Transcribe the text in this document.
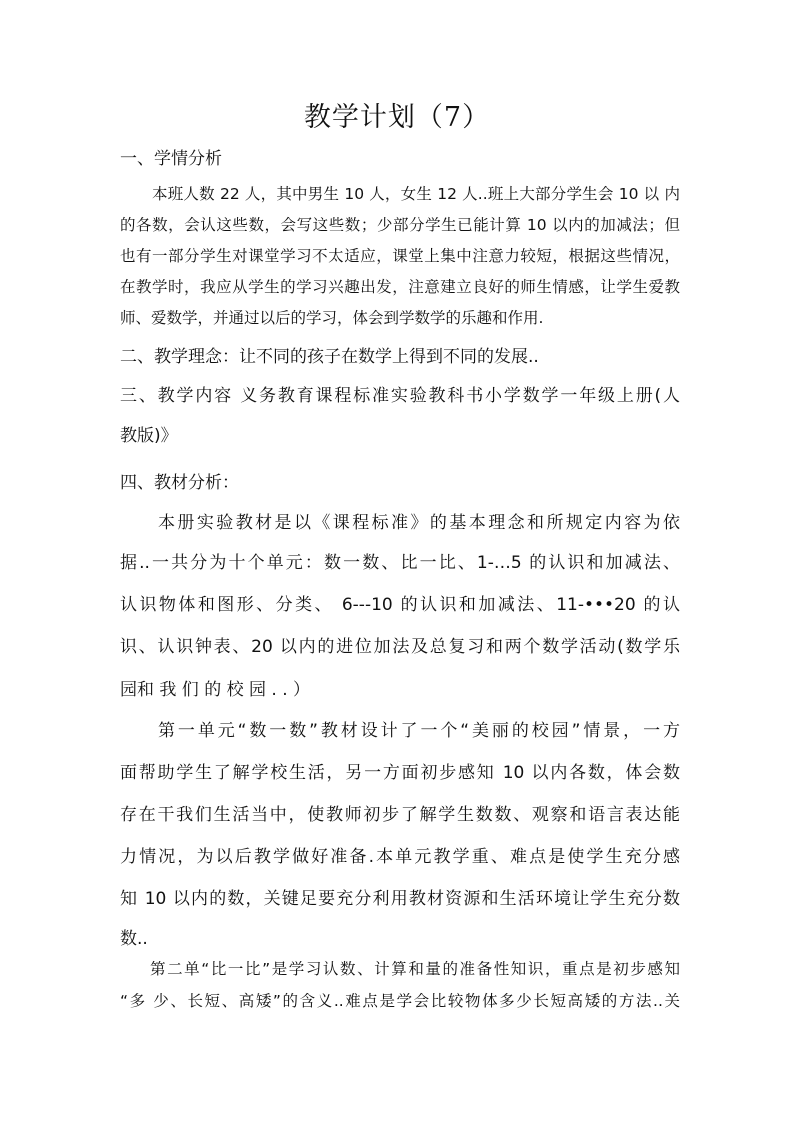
教学计划（7）
一、学情分析
本班人数 22 人，其中男生 10 人，女生 12 人..班上大部分学生会 10 以 内
的各数，会认这些数，会写这些数；少部分学生已能计算 10 以内的加减法；但
也有一部分学生对课堂学习不太适应，课堂上集中注意力较短，根据这些情况，
在教学时，我应从学生的学习兴趣出发，注意建立良好的师生情感，让学生爱教
师、爱数学，并通过以后的学习，体会到学数学的乐趣和作用.
二、教学理念：让不同的孩子在数学上得到不同的发展..
三、教学内容 义务教育课程标准实验教科书小学数学一年级上册(人
教版)》
四、教材分析：
本册实验教材是以《课程标准》的基本理念和所规定内容为依
据..一共分为十个单元：数一数、比一比、1-…5 的认识和加减法、
认识物体和图形、分类、 6---10 的认识和加减法、11-•••20 的认
识、认识钟表、20 以内的进位加法及总复习和两个数学活动(数学乐
园和 我 们 的 校 园 . . ）
第一单元“数一数”教材设计了一个“美丽的校园”情景，一方
面帮助学生了解学校生活，另一方面初步感知 10 以内各数，体会数
存在干我们生活当中，使教师初步了解学生数数、观察和语言表达能
力情况，为以后教学做好准备.本单元教学重、难点是使学生充分感
知 10 以内的数，关键足要充分利用教材资源和生活环境让学生充分数
数..
第二单“比一比”是学习认数、计算和量的准备性知识，重点是初步感知
“多 少、长短、高矮”的含义..难点是学会比较物体多少长短高矮的方法..关
